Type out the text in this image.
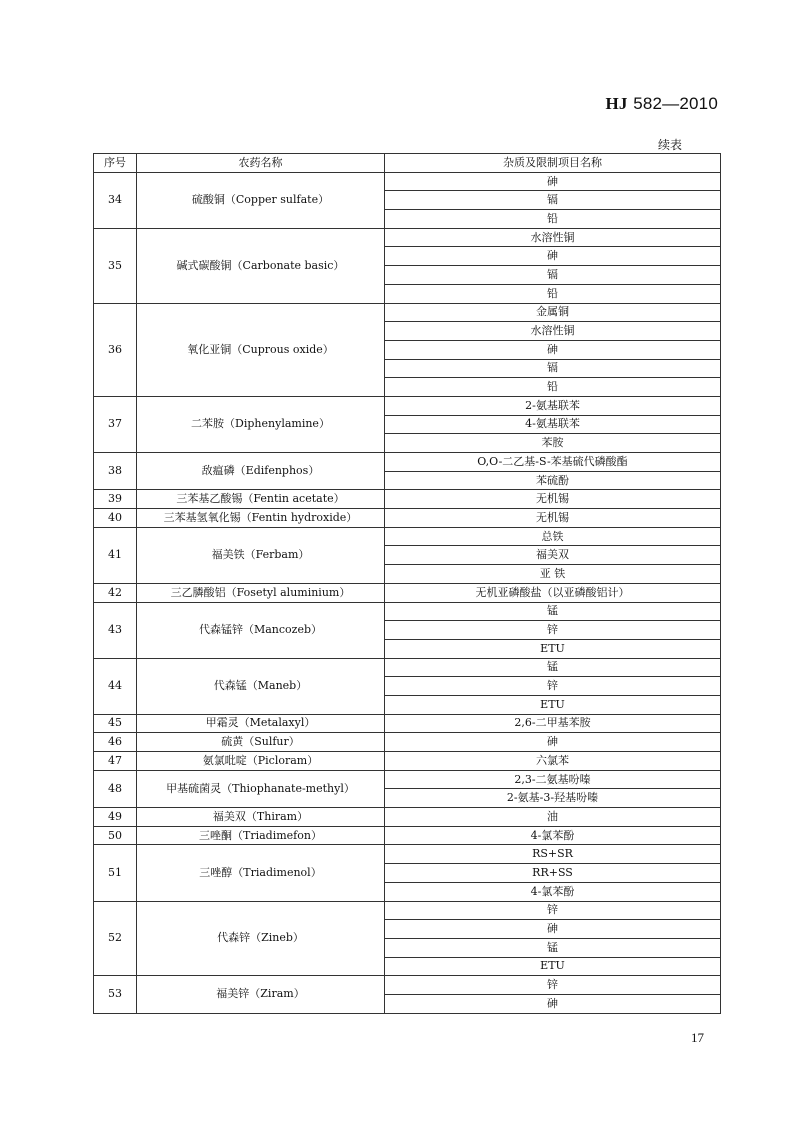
HJ 582—2010
续表
序号	农药名称	杂质及限制项目名称
34	硫酸铜（Copper sulfate）	砷
		镉
		铅
35	碱式碳酸铜（Carbonate basic）	水溶性铜
		砷
		镉
		铅
36	氧化亚铜（Cuprous oxide）	金属铜
		水溶性铜
		砷
		镉
		铅
37	二苯胺（Diphenylamine）	2-氨基联苯
		4-氨基联苯
		苯胺
38	敌瘟磷（Edifenphos）	O,O-二乙基-S-苯基硫代磷酸酯
		苯硫酚
39	三苯基乙酸锡（Fentin acetate）	无机锡
40	三苯基氢氧化锡（Fentin hydroxide）	无机锡
41	福美铁（Ferbam）	总铁
		福美双
		亚 铁
42	三乙膦酸铝（Fosetyl aluminium）	无机亚磷酸盐（以亚磷酸铝计）
43	代森锰锌（Mancozeb）	锰
		锌
		ETU
44	代森锰（Maneb）	锰
		锌
		ETU
45	甲霜灵（Metalaxyl）	2,6-二甲基苯胺
46	硫黄（Sulfur）	砷
47	氨氯吡啶（Picloram）	六氯苯
48	甲基硫菌灵（Thiophanate-methyl）	2,3-二氨基吩嗪
		2-氨基-3-羟基吩嗪
49	福美双（Thiram）	油
50	三唑酮（Triadimefon）	4-氯苯酚
51	三唑醇（Triadimenol）	RS+SR
		RR+SS
		4-氯苯酚
52	代森锌（Zineb）	锌
		砷
		锰
		ETU
53	福美锌（Ziram）	锌
		砷
17
